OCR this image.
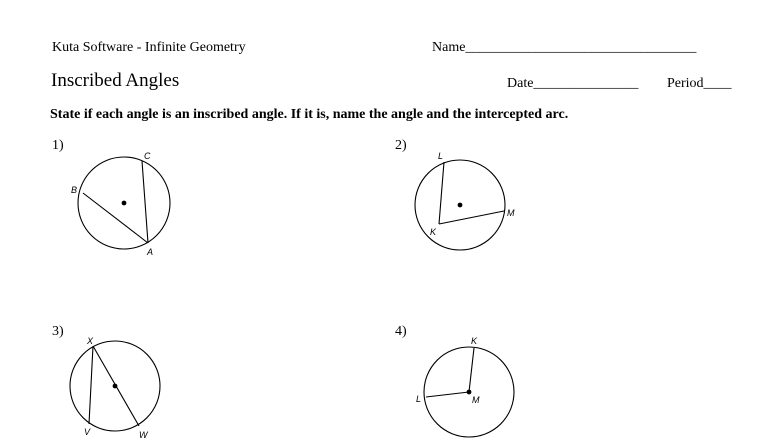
Kuta Software - Infinite Geometry	Name_________________________________
Inscribed Angles	Date_______________ Period____
State if each angle is an inscribed angle. If it is, name the angle and the intercepted arc.
1)
C
B
A
2)
L
M
K
3)
X
V	W
4)
K
L	M
